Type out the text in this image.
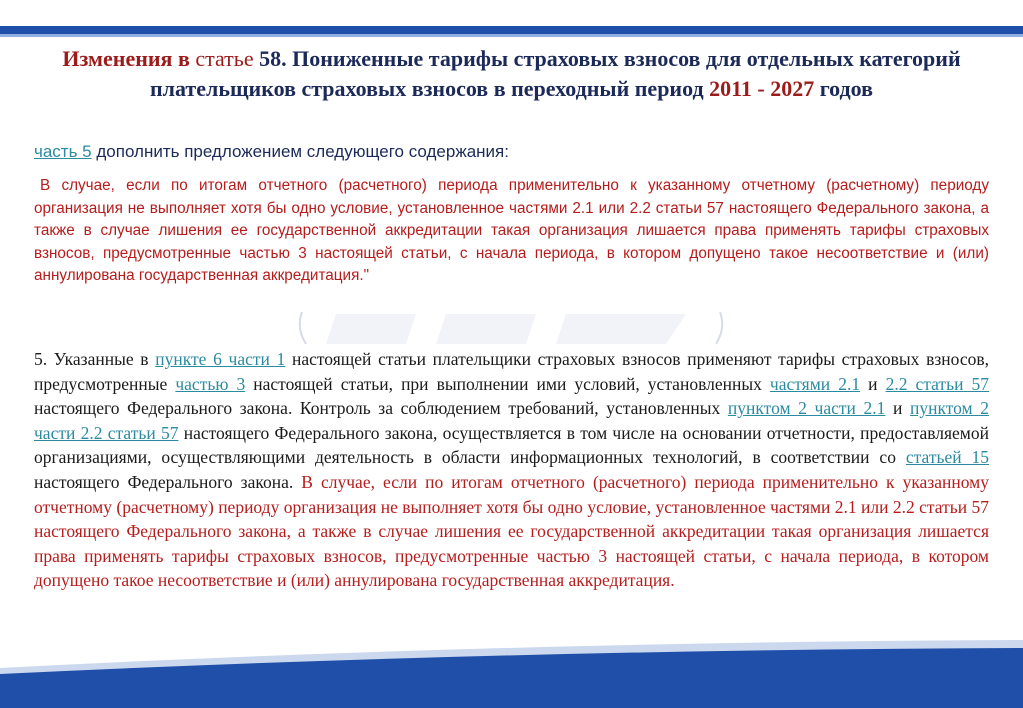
Изменения в статье 58. Пониженные тарифы страховых взносов для отдельных категорий плательщиков страховых взносов в переходный период 2011 - 2027 годов
часть 5 дополнить предложением следующего содержания:
В случае, если по итогам отчетного (расчетного) периода применительно к указанному отчетному (расчетному) периоду организация не выполняет хотя бы одно условие, установленное частями 2.1 или 2.2 статьи 57 настоящего Федерального закона, а также в случае лишения ее государственной аккредитации такая организация лишается права применять тарифы страховых взносов, предусмотренные частью 3 настоящей статьи, с начала периода, в котором допущено такое несоответствие и (или) аннулирована государственная аккредитация."
5. Указанные в пункте 6 части 1 настоящей статьи плательщики страховых взносов применяют тарифы страховых взносов, предусмотренные частью 3 настоящей статьи, при выполнении ими условий, установленных частями 2.1 и 2.2 статьи 57 настоящего Федерального закона. Контроль за соблюдением требований, установленных пунктом 2 части 2.1 и пунктом 2 части 2.2 статьи 57 настоящего Федерального закона, осуществляется в том числе на основании отчетности, предоставляемой организациями, осуществляющими деятельность в области информационных технологий, в соответствии со статьей 15 настоящего Федерального закона. В случае, если по итогам отчетного (расчетного) периода применительно к указанному отчетному (расчетному) периоду организация не выполняет хотя бы одно условие, установленное частями 2.1 или 2.2 статьи 57 настоящего Федерального закона, а также в случае лишения ее государственной аккредитации такая организация лишается права применять тарифы страховых взносов, предусмотренные частью 3 настоящей статьи, с начала периода, в котором допущено такое несоответствие и (или) аннулирована государственная аккредитация.
